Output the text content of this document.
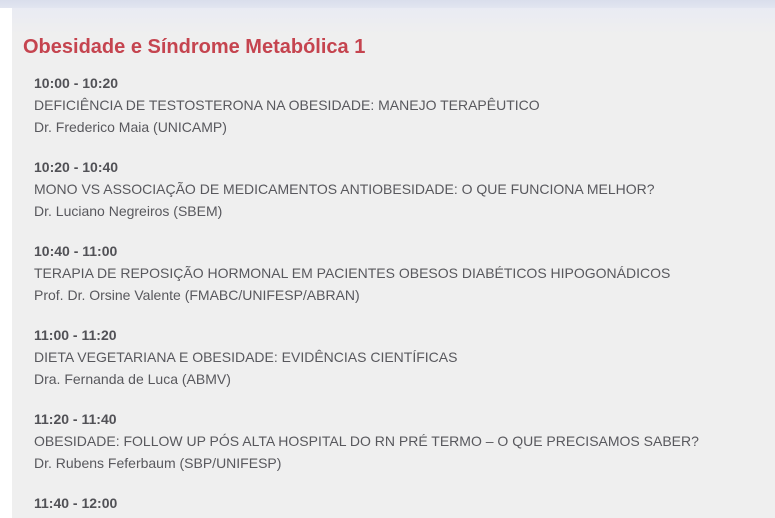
Obesidade e Síndrome Metabólica 1
10:00 - 10:20
DEFICIÊNCIA DE TESTOSTERONA NA OBESIDADE: MANEJO TERAPÊUTICO
Dr. Frederico Maia (UNICAMP)
10:20 - 10:40
MONO VS ASSOCIAÇÃO DE MEDICAMENTOS ANTIOBESIDADE: O QUE FUNCIONA MELHOR?
Dr. Luciano Negreiros (SBEM)
10:40 - 11:00
TERAPIA DE REPOSIÇÃO HORMONAL EM PACIENTES OBESOS DIABÉTICOS HIPOGONÁDICOS
Prof. Dr. Orsine Valente (FMABC/UNIFESP/ABRAN)
11:00 - 11:20
DIETA VEGETARIANA E OBESIDADE: EVIDÊNCIAS CIENTÍFICAS
Dra. Fernanda de Luca (ABMV)
11:20 - 11:40
OBESIDADE: FOLLOW UP PÓS ALTA HOSPITAL DO RN PRÉ TERMO – O QUE PRECISAMOS SABER?
Dr. Rubens Feferbaum (SBP/UNIFESP)
11:40 - 12:00
